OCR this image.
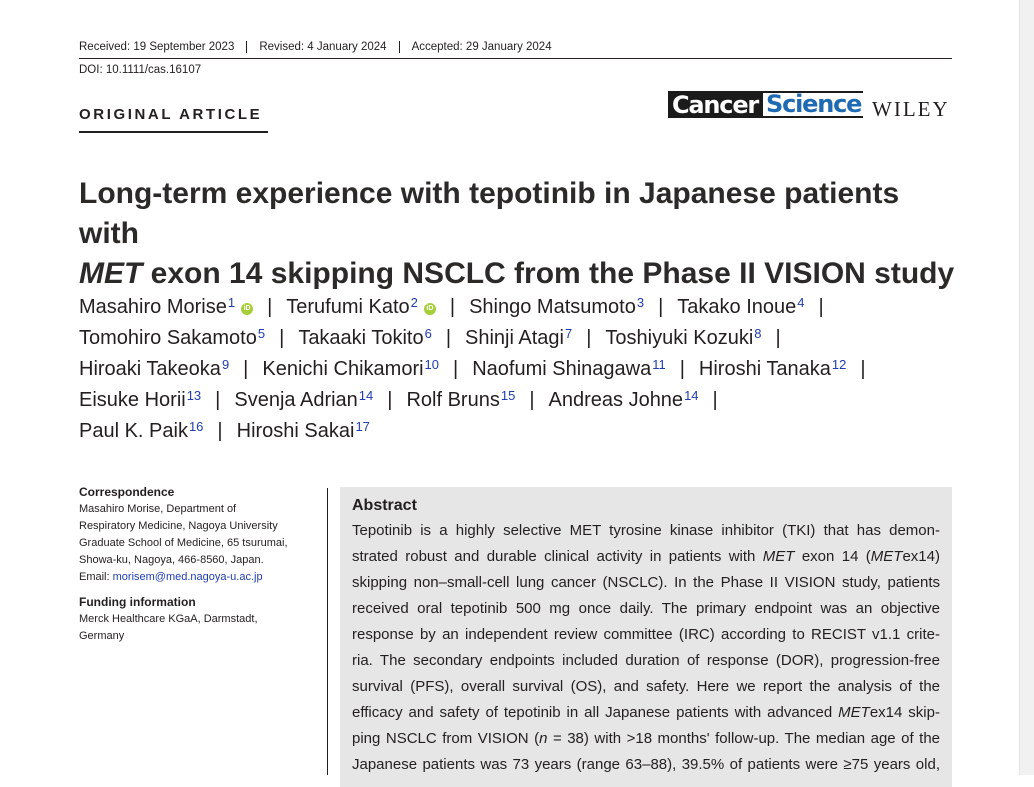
Received: 19 September 2023	Revised: 4 January 2024	Accepted: 29 January 2024
DOI: 10.1111/cas.16107
ORIGINAL ARTICLE	Cancer Science WILEY
Long-term experience with tepotinib in Japanese patients with
MET exon 14 skipping NSCLC from the Phase II VISION study
Masahiro Morise$^1$	iD | Terufumi Kato$^2$	iD | Shingo Matsumoto$^3$ | Takako Inoue$^4$ |
Tomohiro Sakamoto$^5$ | Takaaki Tokito$^6$ | Shinji Atagi$^7$ | Toshiyuki Kozuki$^8$ |
Hiroaki Takeoka$^9$ | Kenichi Chikamori$^{10}$ | Naofumi Shinagawa$^{11}$ | Hiroshi Tanaka$^{12}$ |
Eisuke Horii$^{13}$ | Svenja Adrian$^{14}$ | Rolf Bruns$^{15}$ | Andreas Johne$^{14}$ |
Paul K. Paik$^{16}$ | Hiroshi Sakai$^{17}$
Correspondence

Masahiro Morise, Department of

Respiratory Medicine, Nagoya University

Graduate School of Medicine, 65 tsurumai,

Showa-ku, Nagoya, 466-8560, Japan.

Email: morisem@med.nagoya-u.ac.jp

Funding information

Merck Healthcare KGaA, Darmstadt,

Germany

Abstract
Tepotinib is a highly selective MET tyrosine kinase inhibitor (TKI) that has demon-
strated robust and durable clinical activity in patients with MET exon 14 (METex14)
skipping non–small-cell lung cancer (NSCLC). In the Phase II VISION study, patients
received oral tepotinib 500 mg once daily. The primary endpoint was an objective
response by an independent review committee (IRC) according to RECIST v1.1 crite-
ria. The secondary endpoints included duration of response (DOR), progression-free
survival (PFS), overall survival (OS), and safety. Here we report the analysis of the
efficacy and safety of tepotinib in all Japanese patients with advanced METex14 skip-
ping NSCLC from VISION (n = 38) with >18 months' follow-up. The median age of the
Japanese patients was 73 years (range 63–88), 39.5% of patients were ≥75 years old,
